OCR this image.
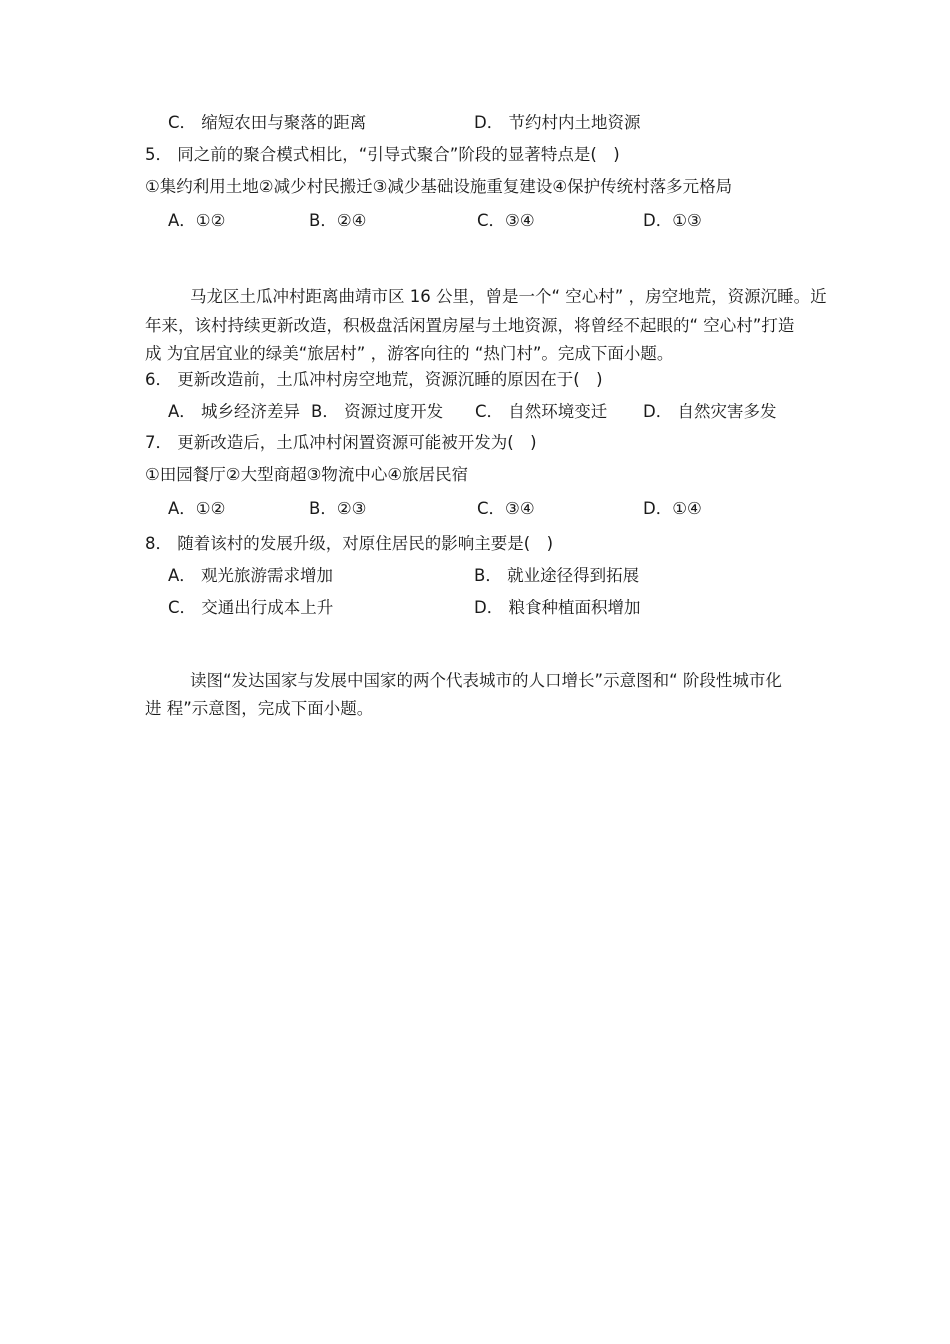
C． 缩短农田与聚落的距离	D． 节约村内土地资源
5． 同之前的聚合模式相比，“引导式聚合”阶段的显著特点是(　)
①集约利用土地②减少村民搬迁③减少基础设施重复建设④保护传统村落多元格局
A．①②	B．②④	C．③④	D．①③
马龙区土瓜冲村距离曲靖市区 16 公里，曾是一个“ 空心村” ，房空地荒，资源沉睡。近
年来，该村持续更新改造，积极盘活闲置房屋与土地资源，将曾经不起眼的“ 空心村”打造
成 为宜居宜业的绿美“旅居村” ，游客向往的 “热门村”。完成下面小题。
6． 更新改造前，土瓜冲村房空地荒，资源沉睡的原因在于(　)
A． 城乡经济差异 B． 资源过度开发 C． 自然环境变迁 D． 自然灾害多发
7． 更新改造后，土瓜冲村闲置资源可能被开发为(　)
①田园餐厅②大型商超③物流中心④旅居民宿
A．①②	B．②③	C．③④	D．①④
8． 随着该村的发展升级，对原住居民的影响主要是(　)
A． 观光旅游需求增加	B． 就业途径得到拓展
C． 交通出行成本上升	D． 粮食种植面积增加
读图“发达国家与发展中国家的两个代表城市的人口增长”示意图和“ 阶段性城市化
进 程”示意图，完成下面小题。
